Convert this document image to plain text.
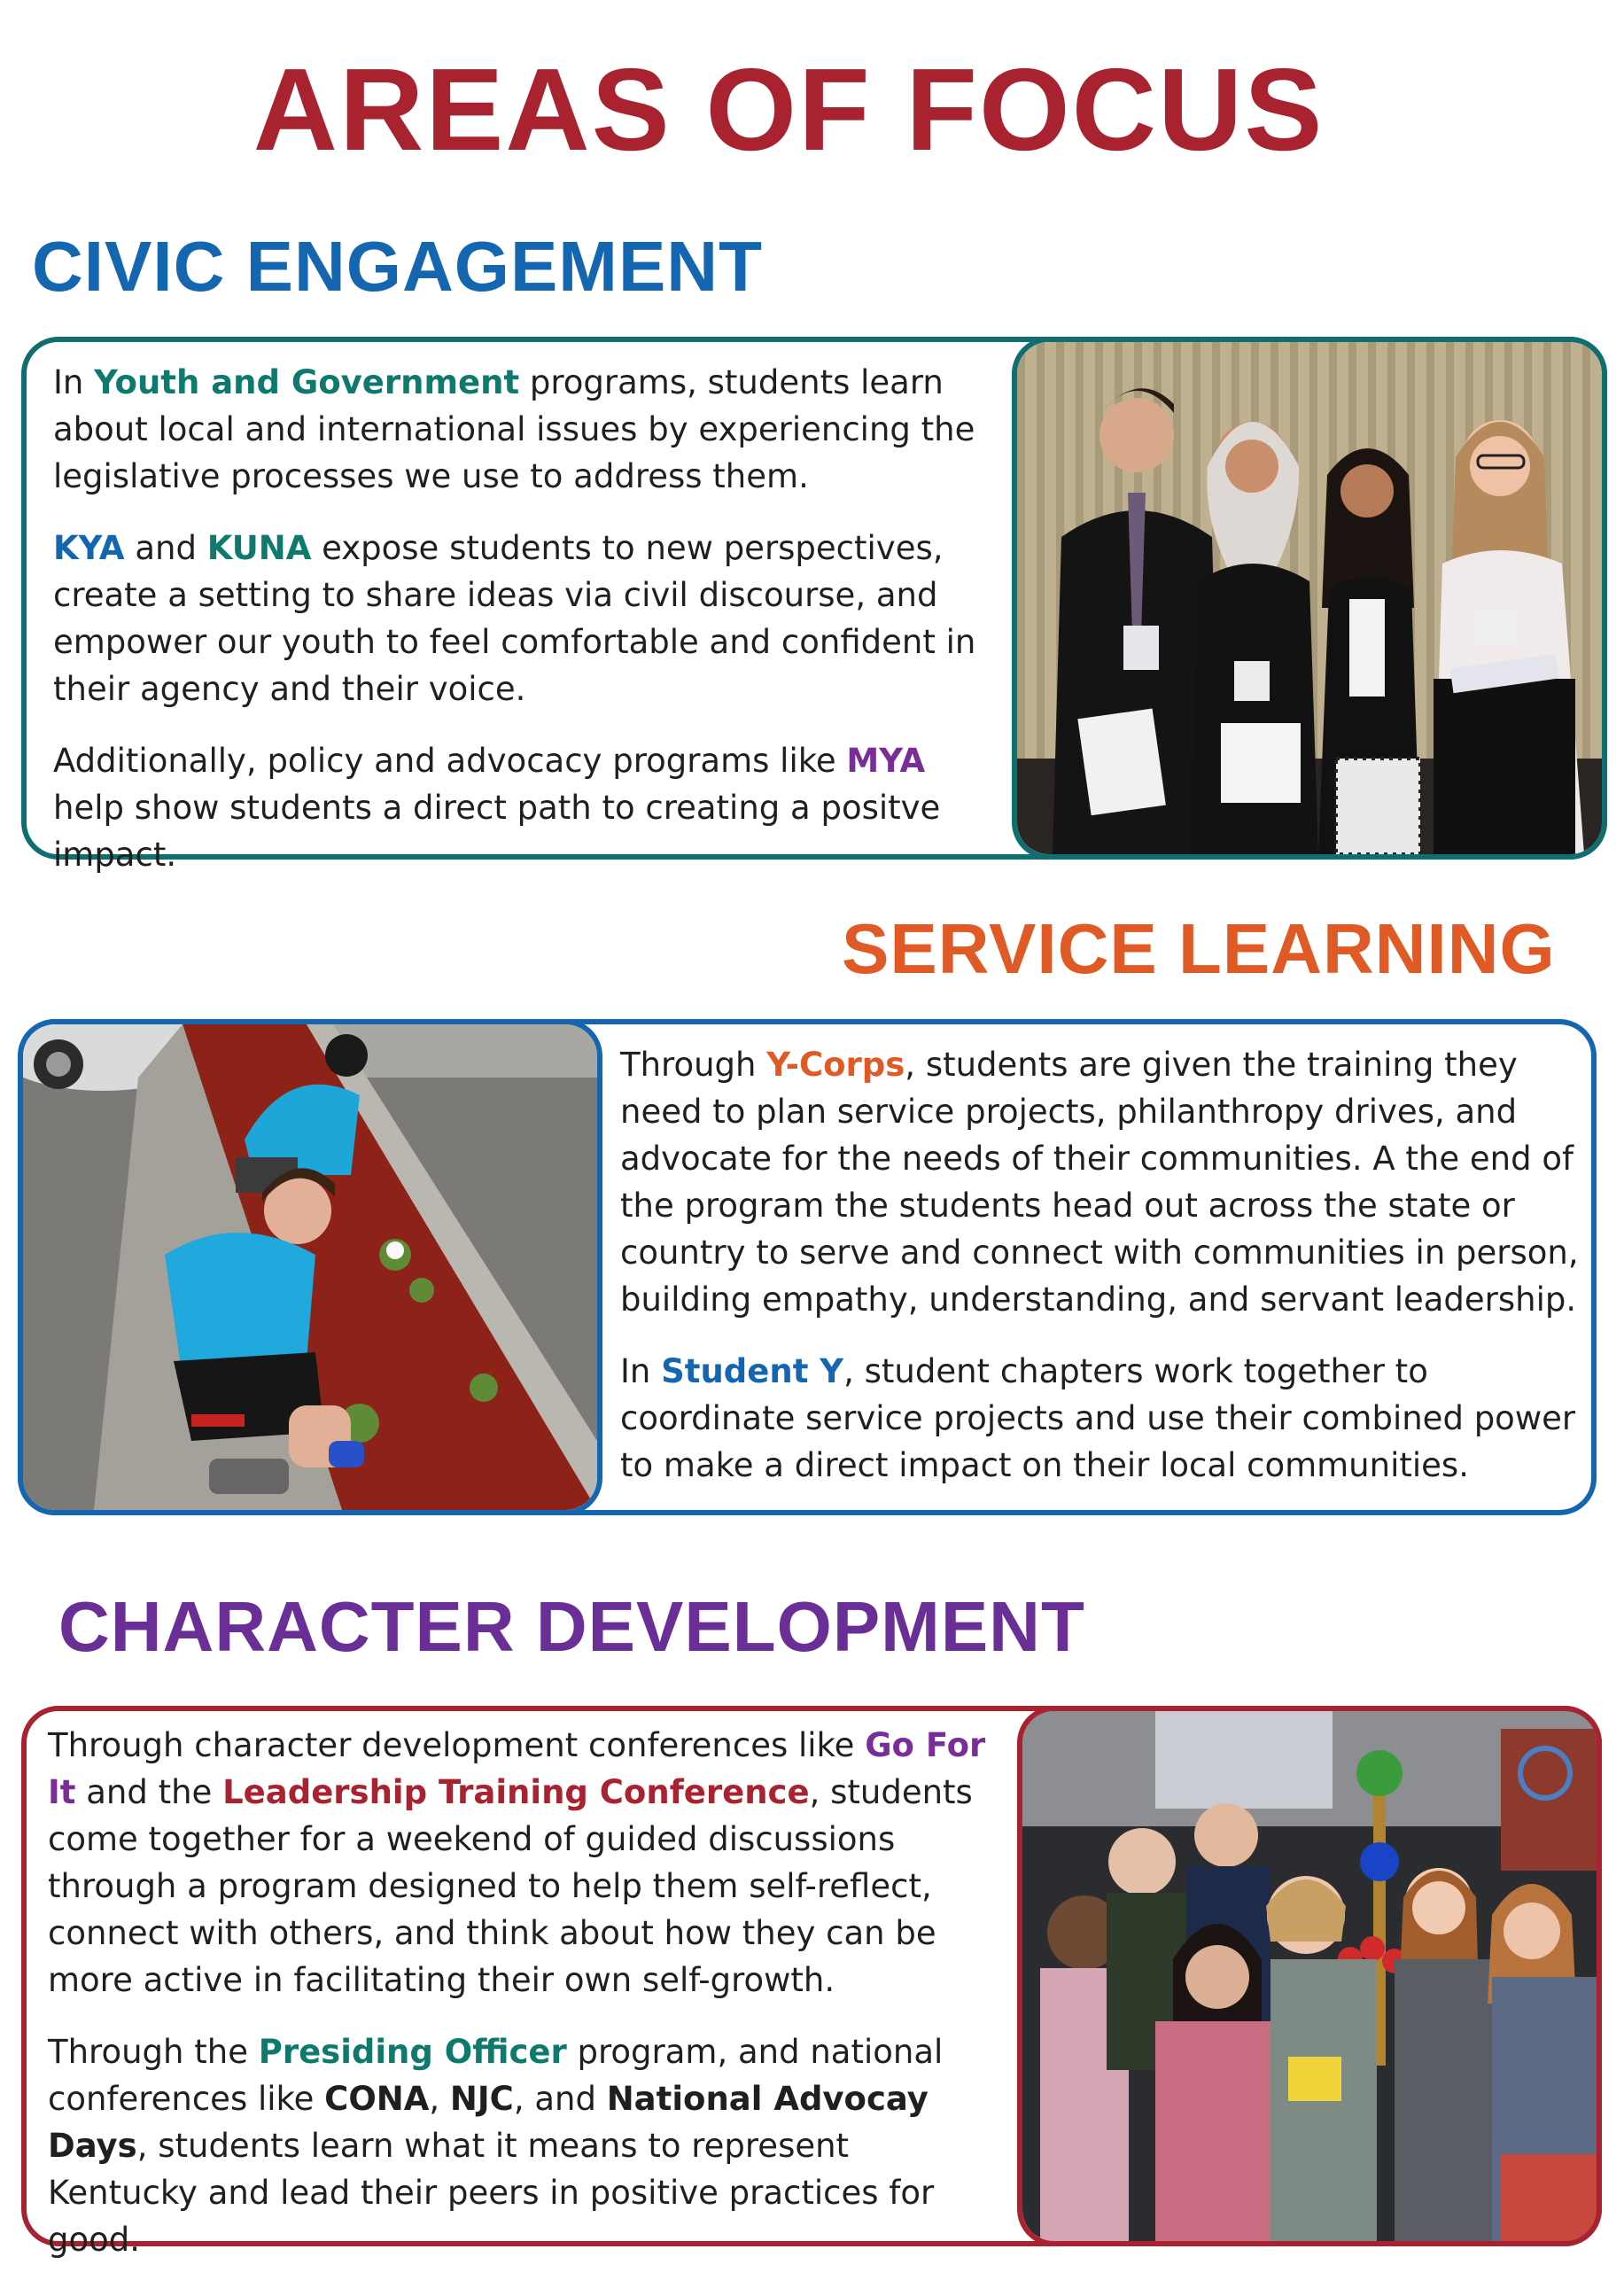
AREAS OF FOCUS
CIVIC ENGAGEMENT

In Youth and Government programs, students learn about local and international issues by experiencing the legislative processes we use to address them.

KYA and KUNA expose students to new perspectives, create a setting to share ideas via civil discourse, and empower our youth to feel comfortable and confident in their agency and their voice.

Additionally, policy and advocacy programs like MYA help show students a direct path to creating a positve impact.

SERVICE LEARNING

Through Y-Corps, students are given the training they need to plan service projects, philanthropy drives, and advocate for the needs of their communities. A the end of the program the students head out across the state or country to serve and connect with communities in person, building empathy, understanding, and servant leadership.

In Student Y, student chapters work together to coordinate service projects and use their combined power to make a direct impact on their local communities.

CHARACTER DEVELOPMENT

Through character development conferences like Go For It and the Leadership Training Conference, students come together for a weekend of guided discussions through a program designed to help them self-reflect, connect with others, and think about how they can be more active in facilitating their own self-growth.

Through the Presiding Officer program, and national conferences like CONA, NJC, and National Advocay Days, students learn what it means to represent Kentucky and lead their peers in positive practices for good.
